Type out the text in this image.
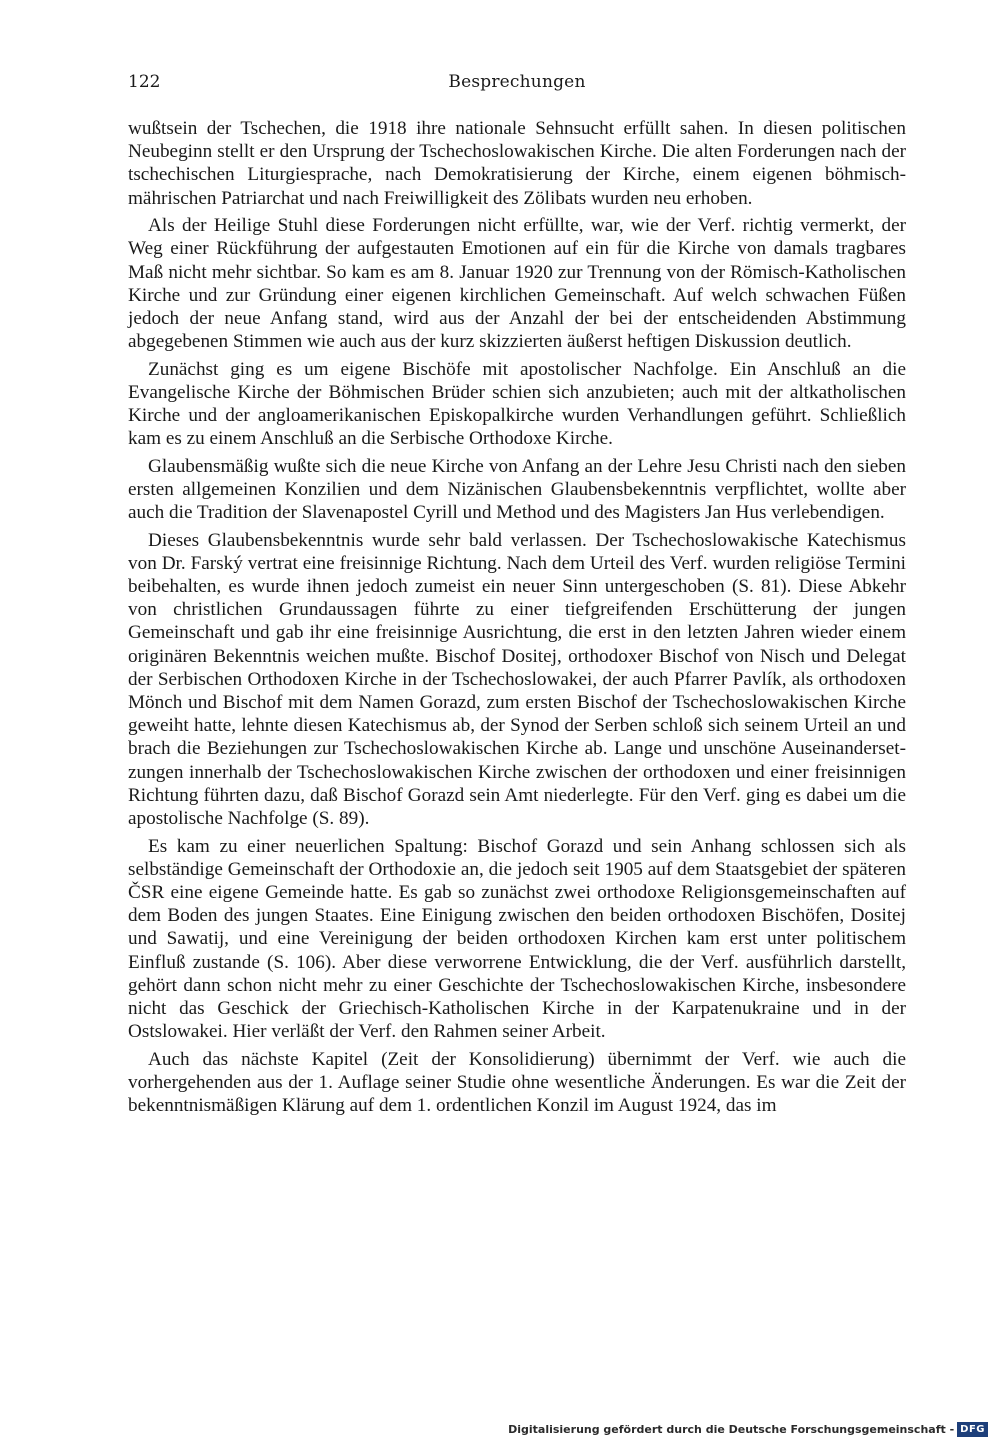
122	Besprechungen

wußtsein der Tschechen, die 1918 ihre nationale Sehnsucht erfüllt sahen. In diesen politischen Neubeginn stellt er den Ursprung der Tschechoslowakischen Kirche. Die alten Forderungen nach der tschechischen Liturgiesprache, nach Demokratisierung der Kirche, einem eigenen böhmisch-mährischen Patriarchat und nach Freiwilligkeit des Zölibats wurden neu erhoben.

Als der Heilige Stuhl diese Forderungen nicht erfüllte, war, wie der Verf. richtig vermerkt, der Weg einer Rückführung der aufgestauten Emotionen auf ein für die Kirche von damals tragbares Maß nicht mehr sichtbar. So kam es am 8. Januar 1920 zur Trennung von der Römisch-Katholischen Kirche und zur Gründung einer eigenen kirchlichen Gemeinschaft. Auf welch schwachen Füßen jedoch der neue Anfang stand, wird aus der Anzahl der bei der entscheidenden Abstimmung abgegebenen Stimmen wie auch aus der kurz skizzierten äußerst heftigen Diskussion deutlich.

Zunächst ging es um eigene Bischöfe mit apostolischer Nachfolge. Ein Anschluß an die Evangelische Kirche der Böhmischen Brüder schien sich anzubieten; auch mit der altkatholischen Kirche und der angloamerikanischen Episkopalkirche wurden Verhandlungen geführt. Schließlich kam es zu einem Anschluß an die Serbische Orthodoxe Kirche.

Glaubensmäßig wußte sich die neue Kirche von Anfang an der Lehre Jesu Christi nach den sieben ersten allgemeinen Konzilien und dem Nizänischen Glaubensbekenntnis verpflichtet, wollte aber auch die Tradition der Slavenapostel Cyrill und Method und des Magisters Jan Hus verlebendigen.

Dieses Glaubensbekenntnis wurde sehr bald verlassen. Der Tschechoslowakische Katechismus von Dr. Farský vertrat eine freisinnige Richtung. Nach dem Urteil des Verf. wurden religiöse Termini beibehalten, es wurde ihnen jedoch zumeist ein neuer Sinn untergeschoben (S. 81). Diese Abkehr von christlichen Grundaussagen führte zu einer tiefgreifenden Erschütterung der jungen Gemeinschaft und gab ihr eine freisinnige Ausrichtung, die erst in den letzten Jahren wieder einem originären Bekenntnis weichen mußte. Bischof Dositej, orthodoxer Bischof von Nisch und Delegat der Serbischen Orthodoxen Kirche in der Tschechoslowakei, der auch Pfarrer Pavlík, als orthodoxen Mönch und Bischof mit dem Namen Gorazd, zum ersten Bischof der Tschechoslowakischen Kirche geweiht hatte, lehnte diesen Katechismus ab, der Synod der Serben schloß sich seinem Urteil an und brach die Beziehungen zur Tschechoslowakischen Kirche ab. Lange und unschöne Auseinandersetzungen innerhalb der Tschechoslowakischen Kirche zwischen der orthodoxen und einer freisinnigen Richtung führten dazu, daß Bischof Gorazd sein Amt niederlegte. Für den Verf. ging es dabei um die apostolische Nachfolge (S. 89).

Es kam zu einer neuerlichen Spaltung: Bischof Gorazd und sein Anhang schlossen sich als selbständige Gemeinschaft der Orthodoxie an, die jedoch seit 1905 auf dem Staatsgebiet der späteren ČSR eine eigene Gemeinde hatte. Es gab so zunächst zwei orthodoxe Religionsgemeinschaften auf dem Boden des jungen Staates. Eine Einigung zwischen den beiden orthodoxen Bischöfen, Dositej und Sawatij, und eine Vereinigung der beiden orthodoxen Kirchen kam erst unter politischem Einfluß zustande (S. 106). Aber diese verworrene Entwicklung, die der Verf. ausführlich darstellt, gehört dann schon nicht mehr zu einer Geschichte der Tschechoslowakischen Kirche, insbesondere nicht das Geschick der Griechisch-Katholischen Kirche in der Karpatenukraine und in der Ostslowakei. Hier verläßt der Verf. den Rahmen seiner Arbeit.

Auch das nächste Kapitel (Zeit der Konsolidierung) übernimmt der Verf. wie auch die vorhergehenden aus der 1. Auflage seiner Studie ohne wesentliche Änderungen. Es war die Zeit der bekenntnismäßigen Klärung auf dem 1. ordentlichen Konzil im August 1924, das im

Digitalisierung gefördert durch die Deutsche Forschungsgemeinschaft - DFG
